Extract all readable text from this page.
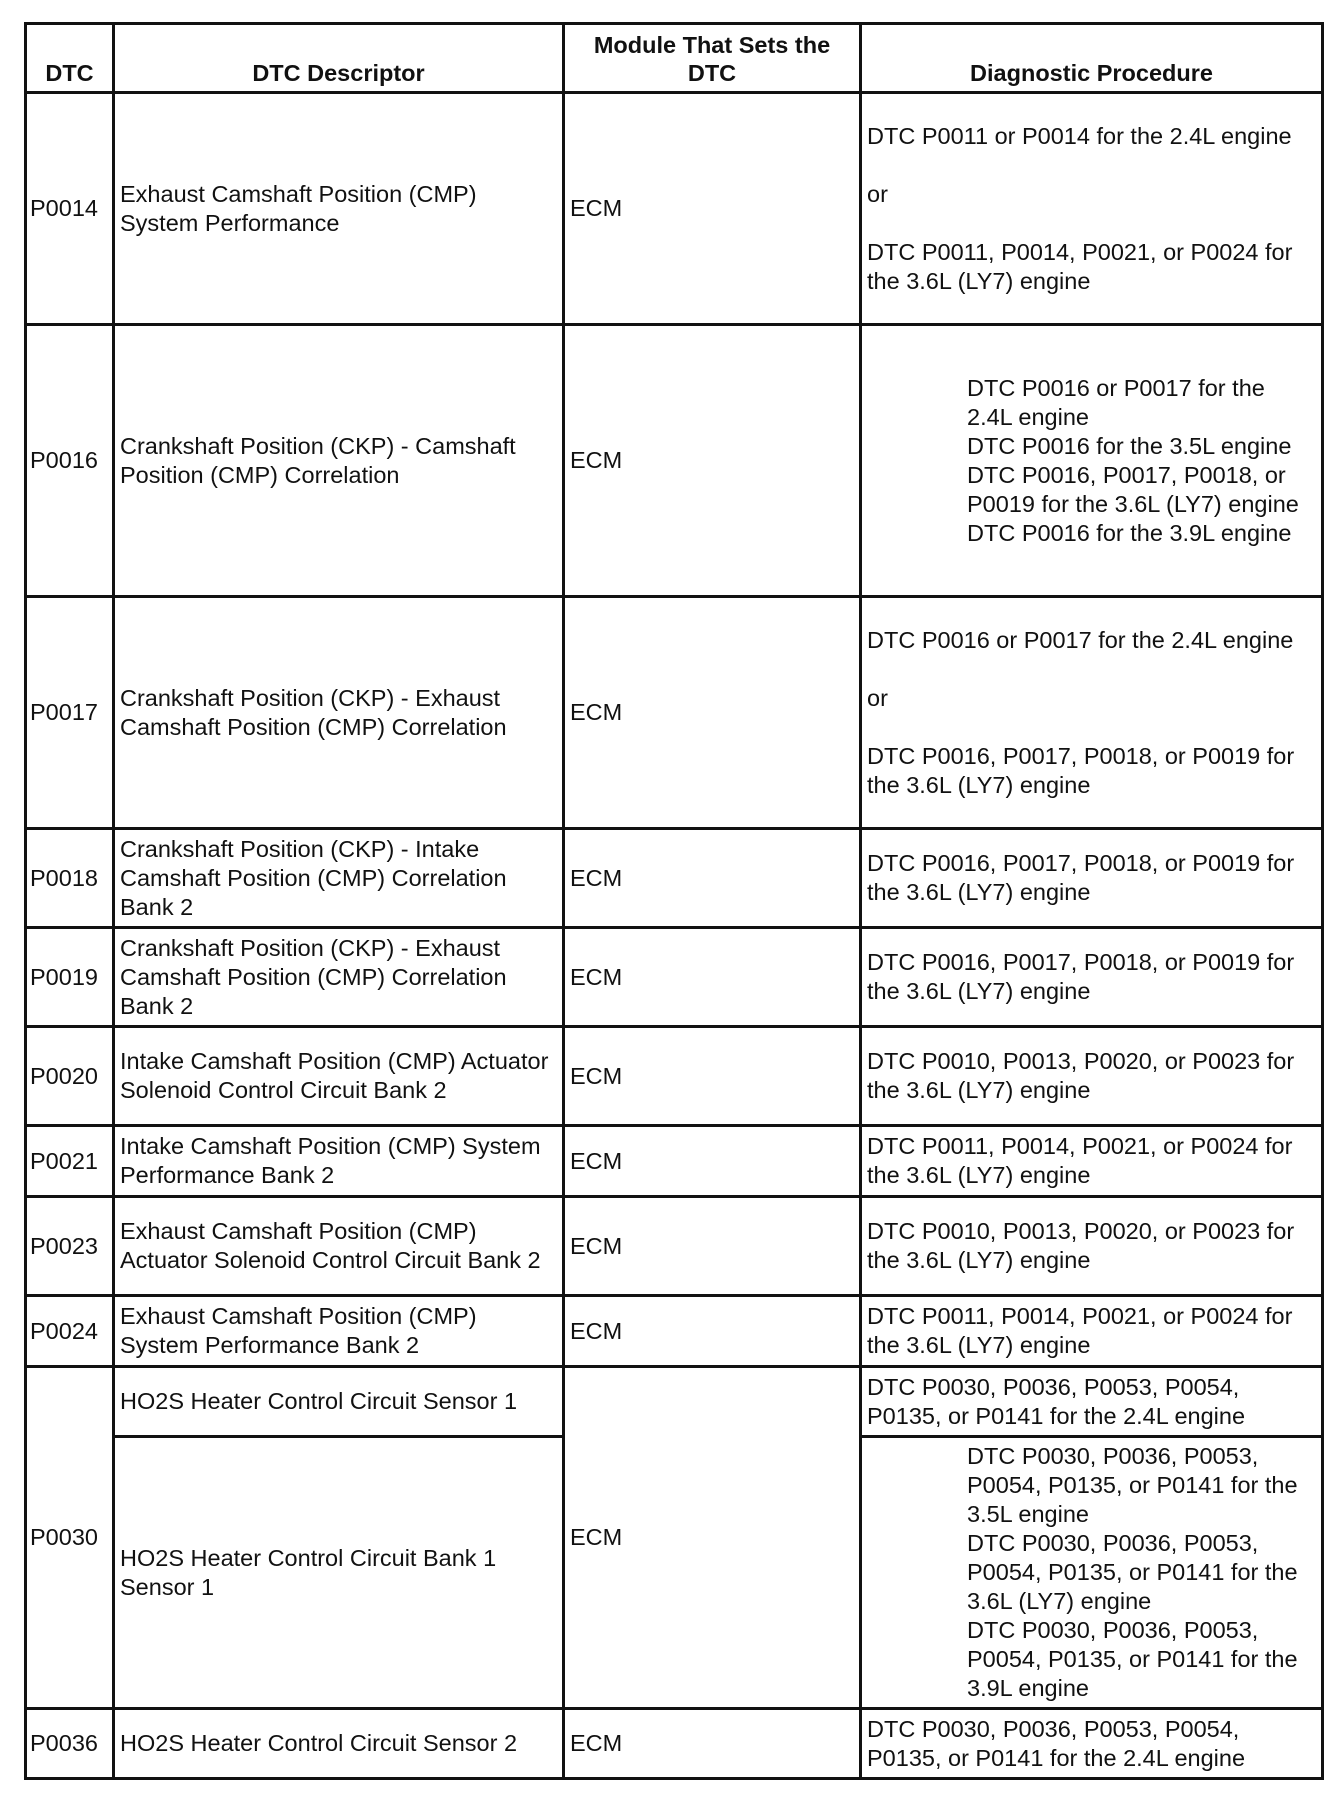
DTC	DTC Descriptor	Module That Sets the DTC	Diagnostic Procedure
P0014	Exhaust Camshaft Position (CMP) System Performance	ECM	DTC P0011 or P0014 for the 2.4L engine

or

DTC P0011, P0014, P0021, or P0024 for the 3.6L (LY7) engine
P0016	Crankshaft Position (CKP) - Camshaft Position (CMP) Correlation	ECM	DTC P0016 or P0017 for the 2.4L engine
DTC P0016 for the 3.5L engine
DTC P0016, P0017, P0018, or P0019 for the 3.6L (LY7) engine
DTC P0016 for the 3.9L engine

P0017	Crankshaft Position (CKP) - Exhaust Camshaft Position (CMP) Correlation	ECM	DTC P0016 or P0017 for the 2.4L engine

or

DTC P0016, P0017, P0018, or P0019 for the 3.6L (LY7) engine
P0018	Crankshaft Position (CKP) - Intake Camshaft Position (CMP) Correlation Bank 2	ECM	DTC P0016, P0017, P0018, or P0019 for the 3.6L (LY7) engine
P0019	Crankshaft Position (CKP) - Exhaust Camshaft Position (CMP) Correlation Bank 2	ECM	DTC P0016, P0017, P0018, or P0019 for the 3.6L (LY7) engine
P0020	Intake Camshaft Position (CMP) Actuator Solenoid Control Circuit Bank 2	ECM	DTC P0010, P0013, P0020, or P0023 for the 3.6L (LY7) engine
P0021	Intake Camshaft Position (CMP) System Performance Bank 2	ECM	DTC P0011, P0014, P0021, or P0024 for the 3.6L (LY7) engine
P0023	Exhaust Camshaft Position (CMP) Actuator Solenoid Control Circuit Bank 2	ECM	DTC P0010, P0013, P0020, or P0023 for the 3.6L (LY7) engine
P0024	Exhaust Camshaft Position (CMP) System Performance Bank 2	ECM	DTC P0011, P0014, P0021, or P0024 for the 3.6L (LY7) engine
P0030	HO2S Heater Control Circuit Sensor 1	ECM	DTC P0030, P0036, P0053, P0054, P0135, or P0141 for the 2.4L engine
	HO2S Heater Control Circuit Bank 1 Sensor 1		DTC P0030, P0036, P0053, P0054, P0135, or P0141 for the 3.5L engine
DTC P0030, P0036, P0053, P0054, P0135, or P0141 for the 3.6L (LY7) engine
DTC P0030, P0036, P0053, P0054, P0135, or P0141 for the 3.9L engine

P0036	HO2S Heater Control Circuit Sensor 2	ECM	DTC P0030, P0036, P0053, P0054, P0135, or P0141 for the 2.4L engine
